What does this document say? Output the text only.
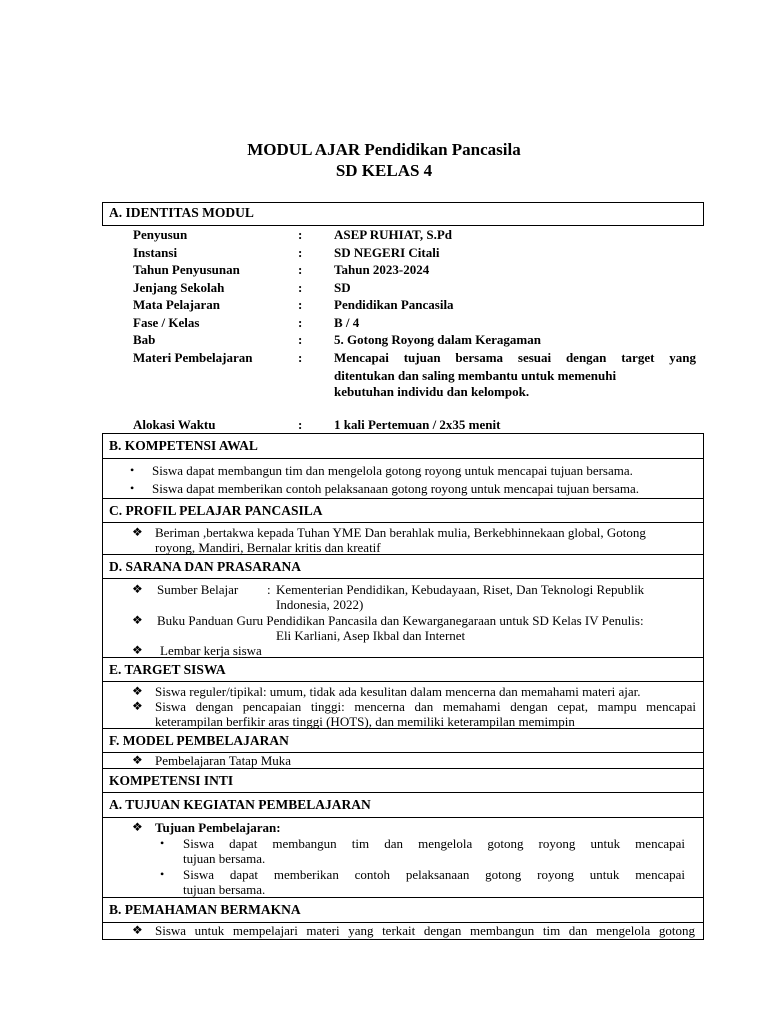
MODUL AJAR Pendidikan Pancasila
SD KELAS 4
A. IDENTITAS MODUL
Penyusun	: ASEP RUHIAT, S.Pd
Instansi	: SD NEGERI Citali
Tahun Penyusunan	: Tahun 2023-2024
Jenjang Sekolah	: SD
Mata Pelajaran	: Pendidikan Pancasila
Fase / Kelas	: B / 4
Bab	: 5. Gotong Royong dalam Keragaman
Materi Pembelajaran	: Mencapai tujuan bersama sesuai dengan target yang
ditentukan dan saling membantu untuk memenuhi
kebutuhan individu dan kelompok.
Alokasi Waktu	: 1 kali Pertemuan / 2x35 menit
B. KOMPETENSI AWAL
• Siswa dapat membangun tim dan mengelola gotong royong untuk mencapai tujuan bersama.
• Siswa dapat memberikan contoh pelaksanaan gotong royong untuk mencapai tujuan bersama.
C. PROFIL PELAJAR PANCASILA
❖ Beriman ,bertakwa kepada Tuhan YME Dan berahlak mulia, Berkebhinnekaan global, Gotong
royong, Mandiri, Bernalar kritis dan kreatif
D. SARANA DAN PRASARANA
❖ Sumber Belajar : Kementerian Pendidikan, Kebudayaan, Riset, Dan Teknologi Republik
Indonesia, 2022)
❖ Buku Panduan Guru Pendidikan Pancasila dan Kewarganegaraan untuk SD Kelas IV Penulis:
Eli Karliani, Asep Ikbal dan Internet
❖ Lembar kerja siswa
E. TARGET SISWA
❖ Siswa reguler/tipikal: umum, tidak ada kesulitan dalam mencerna dan memahami materi ajar.
❖ Siswa dengan pencapaian tinggi: mencerna dan memahami dengan cepat, mampu mencapai
keterampilan berfikir aras tinggi (HOTS), dan memiliki keterampilan memimpin
F. MODEL PEMBELAJARAN
❖ Pembelajaran Tatap Muka
KOMPETENSI INTI
A. TUJUAN KEGIATAN PEMBELAJARAN
❖ Tujuan Pembelajaran:
• Siswa dapat membangun tim dan mengelola gotong royong untuk mencapai
tujuan bersama.
• Siswa dapat memberikan contoh pelaksanaan gotong royong untuk mencapai
tujuan bersama.
B. PEMAHAMAN BERMAKNA
❖ Siswa untuk mempelajari materi yang terkait dengan membangun tim dan mengelola gotong
